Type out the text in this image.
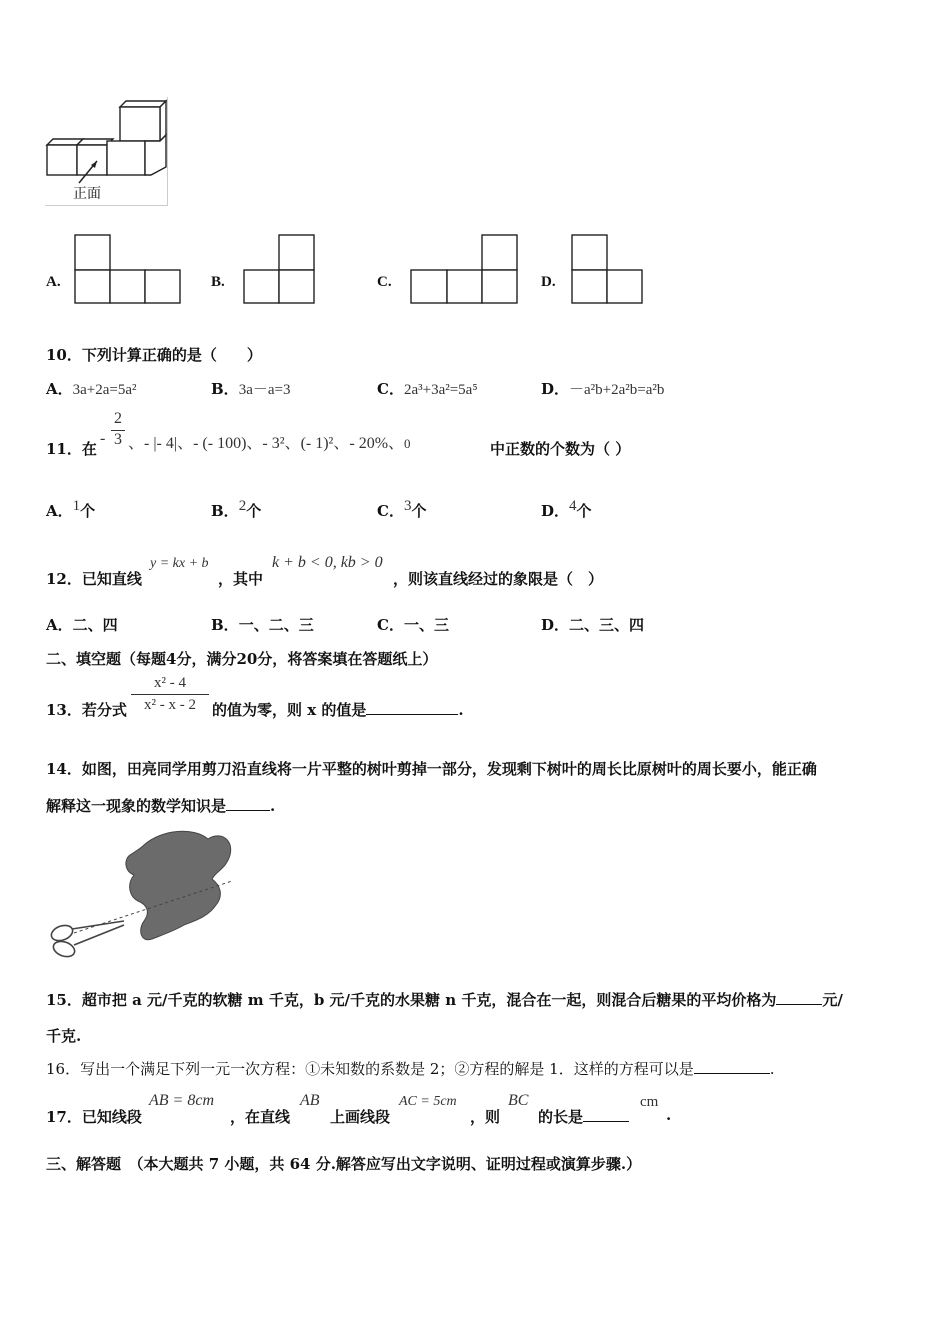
正面
A.	B.	C.	D.
10．下列计算正确的是（　　）
A．3a+2a=5a²	B．3a－a=3	C．2a³+3a²=5a⁵	D．－a²b+2a²b=a²b
11．在
-
2
3 、- |- 4|、- (- 100)、- 3²、(- 1)²、- 20%、0	中正数的个数为（ ）
A．$^1$个	B．$^2$个	C．$^3$个	D．$^4$个
12．已知直线
y = kx + b
，其中
k + b < 0, kb > 0
，则该直线经过的象限是（　）
A．二、四	B．一、二、三	C．一、三	D．二、三、四
二、填空题（每题4分，满分20分，将答案填在答题纸上）
13．若分式
x² - 4
x² - x - 2	的值为零，则 x 的值是	.
14．如图，田亮同学用剪刀沿直线将一片平整的树叶剪掉一部分，发现剩下树叶的周长比原树叶的周长要小，能正确
解释这一现象的数学知识是	.
15．超市把 a 元/千克的软糖 m 千克，b 元/千克的水果糖 n 千克，混合在一起，则混合后糖果的平均价格为	元/
千克.
16．写出一个满足下列一元一次方程：①未知数的系数是 2；②方程的解是 1．这样的方程可以是	.
17．已知线段
AB = 8cm
，在直线
AB
上画线段
AC = 5cm
，则
BC
的长是
cm
.
三、解答题　（本大题共 7 小题，共 64 分.解答应写出文字说明、证明过程或演算步骤.）
